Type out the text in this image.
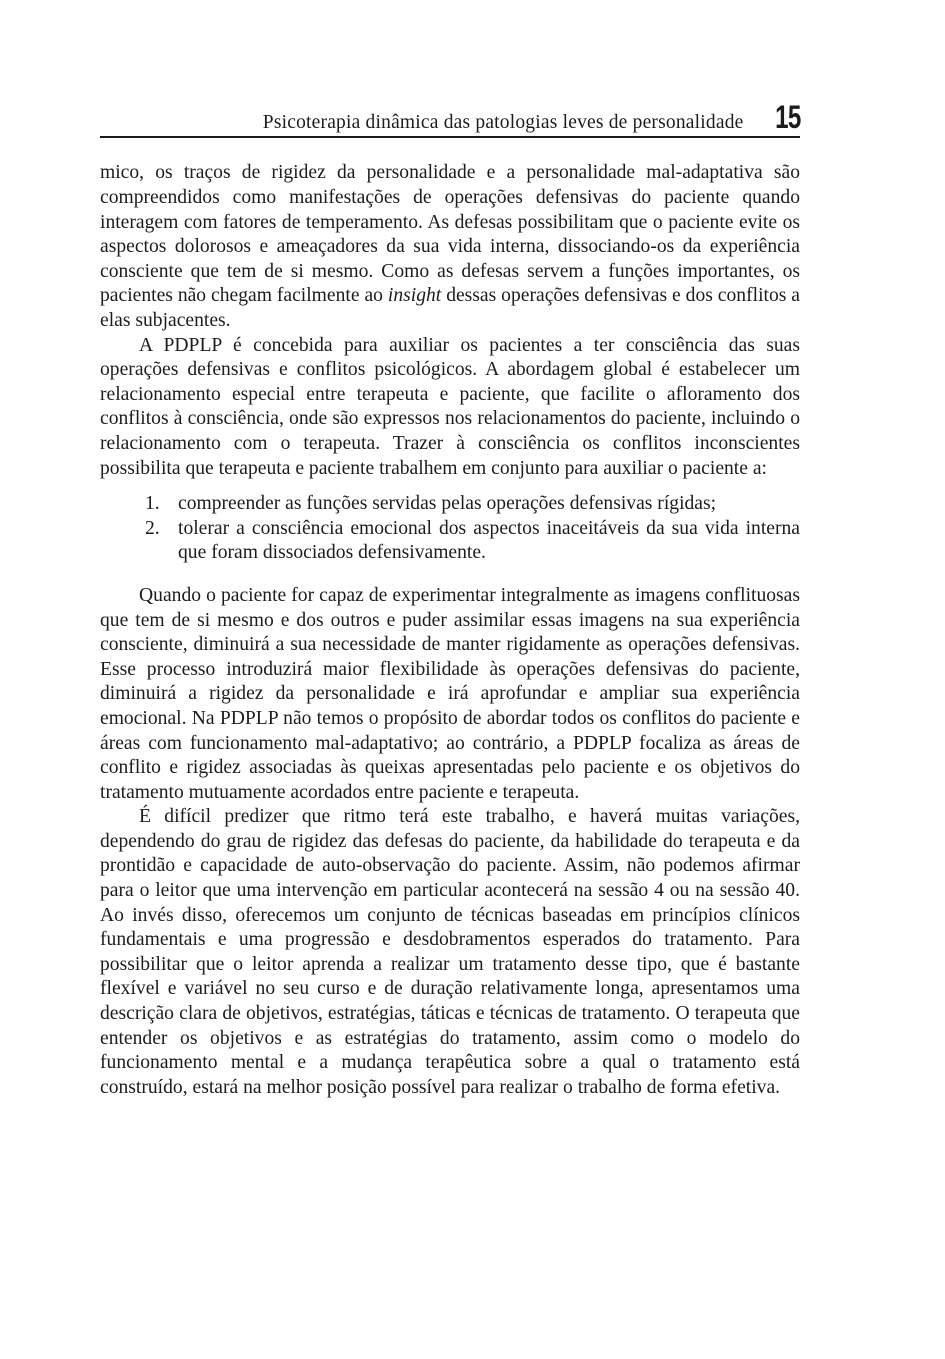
Psicoterapia dinâmica das patologias leves de personalidade 15

mico, os traços de rigidez da personalidade e a personalidade mal-adaptativa são compreendidos como manifestações de operações defensivas do paciente quando interagem com fatores de temperamento. As defesas possibilitam que o paciente evite os aspectos dolorosos e ameaçadores da sua vida interna, dissociando-os da experiência consciente que tem de si mesmo. Como as defesas servem a funções importantes, os pacientes não chegam facilmente ao insight dessas operações defensivas e dos conflitos a elas subjacentes.

A PDPLP é concebida para auxiliar os pacientes a ter consciência das suas operações defensivas e conflitos psicológicos. A abordagem global é estabelecer um relacionamento especial entre terapeuta e paciente, que facilite o afloramento dos conflitos à consciência, onde são expressos nos relacionamentos do paciente, incluindo o relacionamento com o terapeuta. Trazer à consciência os conflitos inconscientes possibilita que terapeuta e paciente trabalhem em conjunto para auxiliar o paciente a:

1. compreender as funções servidas pelas operações defensivas rígidas;
2. tolerar a consciência emocional dos aspectos inaceitáveis da sua vida interna que foram dissociados defensivamente.

Quando o paciente for capaz de experimentar integralmente as imagens conflituosas que tem de si mesmo e dos outros e puder assimilar essas imagens na sua experiência consciente, diminuirá a sua necessidade de manter rigidamente as operações defensivas. Esse processo introduzirá maior flexibilidade às operações defensivas do paciente, diminuirá a rigidez da personalidade e irá aprofundar e ampliar sua experiência emocional. Na PDPLP não temos o propósito de abordar todos os conflitos do paciente e áreas com funcionamento mal-adaptativo; ao contrário, a PDPLP focaliza as áreas de conflito e rigidez associadas às queixas apresentadas pelo paciente e os objetivos do tratamento mutuamente acordados entre paciente e terapeuta.

É difícil predizer que ritmo terá este trabalho, e haverá muitas variações, dependendo do grau de rigidez das defesas do paciente, da habilidade do terapeuta e da prontidão e capacidade de auto-observação do paciente. Assim, não podemos afirmar para o leitor que uma intervenção em particular acontecerá na sessão 4 ou na sessão 40. Ao invés disso, oferecemos um conjunto de técnicas baseadas em princípios clínicos fundamentais e uma progressão e desdobramentos esperados do tratamento. Para possibilitar que o leitor aprenda a realizar um tratamento desse tipo, que é bastante flexível e variável no seu curso e de duração relativamente longa, apresentamos uma descrição clara de objetivos, estratégias, táticas e técnicas de tratamento. O terapeuta que entender os objetivos e as estratégias do tratamento, assim como o modelo do funcionamento mental e a mudança terapêutica sobre a qual o tratamento está construído, estará na melhor posição possível para realizar o trabalho de forma efetiva.
